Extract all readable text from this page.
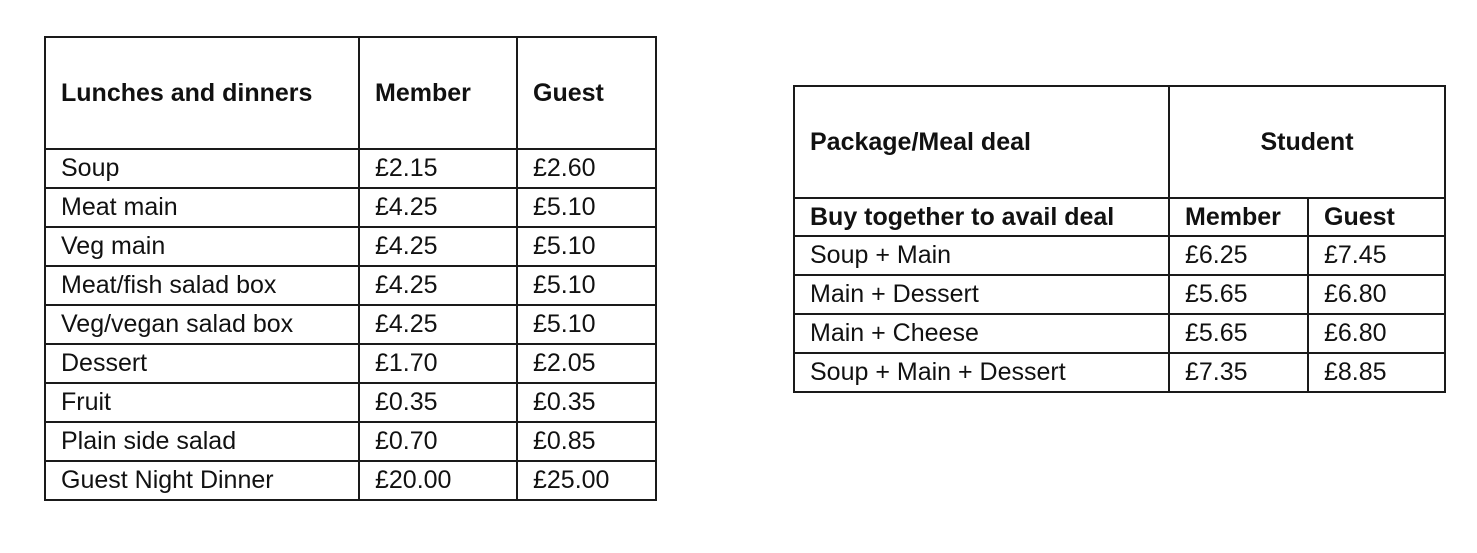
Lunches and dinners	Member	Guest
Soup	£2.15	£2.60
Meat main	£4.25	£5.10
Veg main	£4.25	£5.10
Meat/fish salad box	£4.25	£5.10
Veg/vegan salad box	£4.25	£5.10
Dessert	£1.70	£2.05
Fruit	£0.35	£0.35
Plain side salad	£0.70	£0.85
Guest Night Dinner	£20.00	£25.00
Package/Meal deal	Student	
Buy together to avail deal	Member	Guest
Soup + Main	£6.25	£7.45
Main + Dessert	£5.65	£6.80
Main + Cheese	£5.65	£6.80
Soup + Main + Dessert	£7.35	£8.85
